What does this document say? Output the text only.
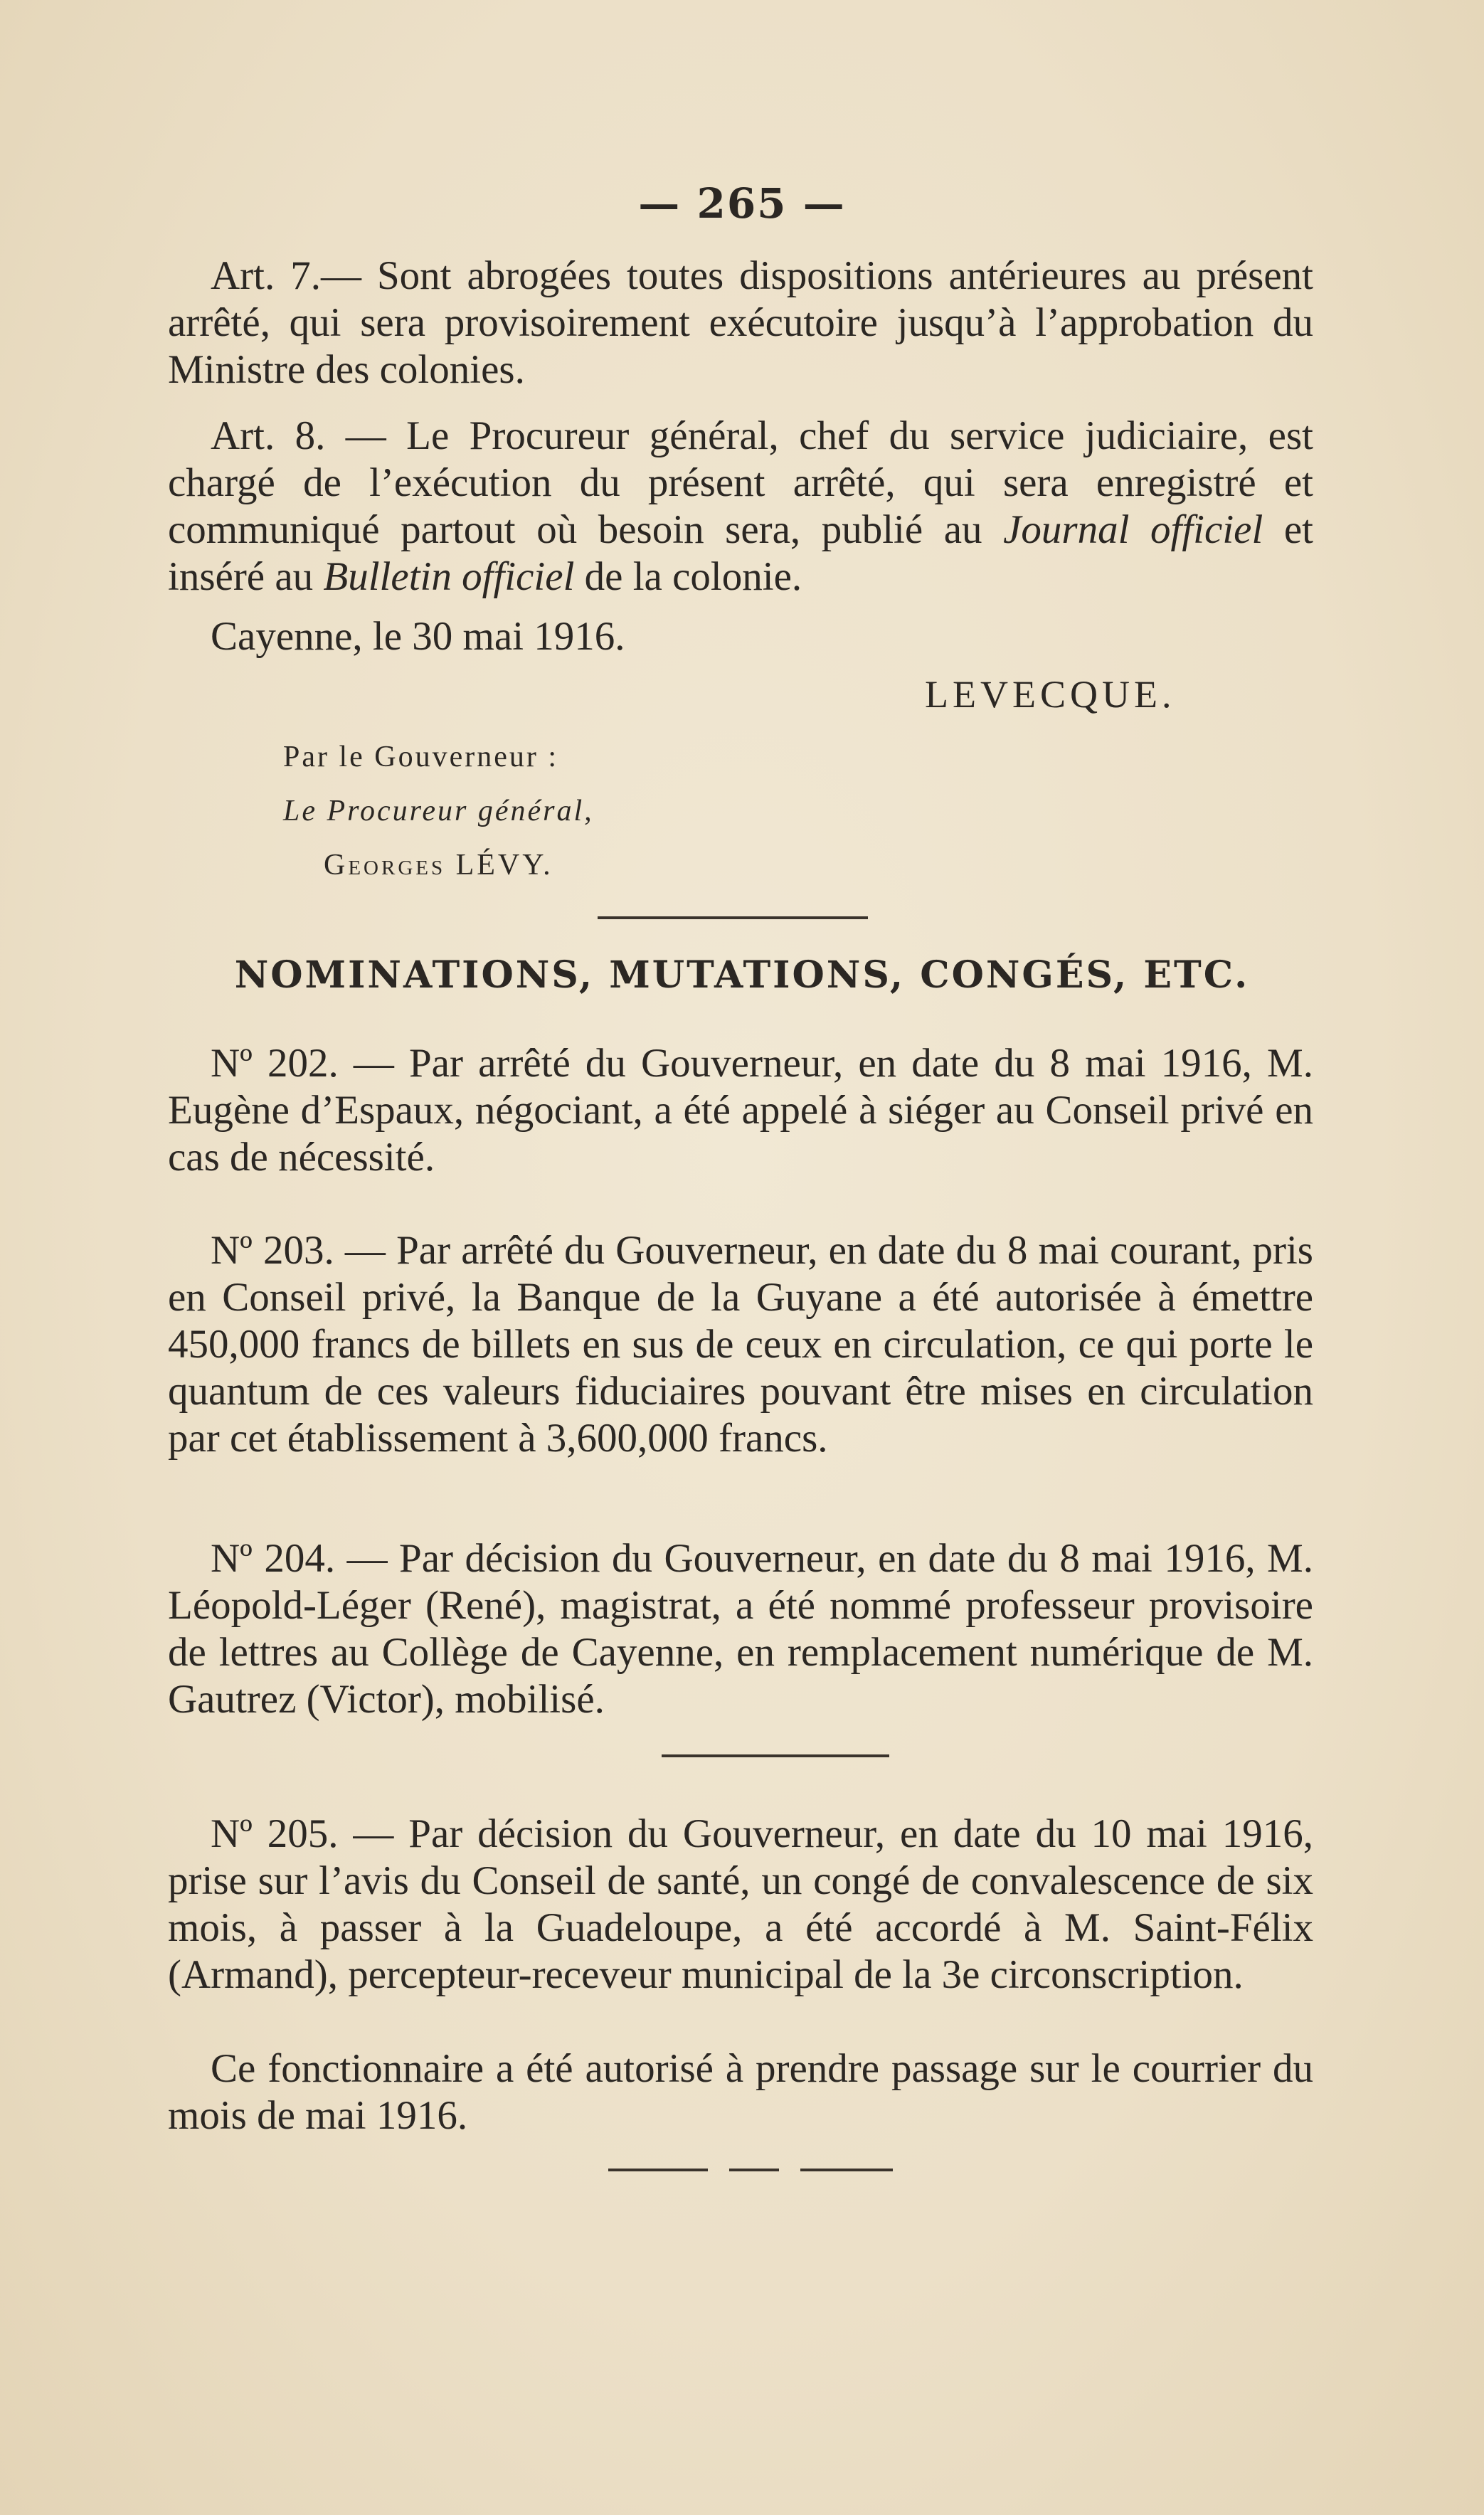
— 265 —

Art. 7.— Sont abrogées toutes dispositions antérieures au présent arrêté, qui sera provisoirement exécutoire jusqu’à l’approbation du Ministre des colonies.

Art. 8. — Le Procureur général, chef du service judiciaire, est chargé de l’exécution du présent arrêté, qui sera enregistré et communiqué partout où besoin sera, publié au Journal officiel et inséré au Bulletin officiel de la colonie.

Cayenne, le 30 mai 1916.

LEVECQUE.
Par le Gouverneur :
Le Procureur général,
Georges LÉVY.
NOMINATIONS, MUTATIONS, CONGÉS, ETC.

Nº 202. — Par arrêté du Gouverneur, en date du 8 mai 1916, M. Eugène d’Espaux, négociant, a été appelé à siéger au Conseil privé en cas de nécessité.

Nº 203. — Par arrêté du Gouverneur, en date du 8 mai courant, pris en Conseil privé, la Banque de la Guyane a été autorisée à émettre 450,000 francs de billets en sus de ceux en circulation, ce qui porte le quantum de ces valeurs fiduciaires pouvant être mises en circulation par cet établissement à 3,600,000 francs.

Nº 204. — Par décision du Gouverneur, en date du 8 mai 1916, M. Léopold-Léger (René), magistrat, a été nommé professeur provisoire de lettres au Collège de Cayenne, en remplacement numérique de M. Gautrez (Victor), mobilisé.

Nº 205. — Par décision du Gouverneur, en date du 10 mai 1916, prise sur l’avis du Conseil de santé, un congé de convalescence de six mois, à passer à la Guadeloupe, a été accordé à M. Saint-Félix (Armand), percepteur-receveur municipal de la 3e circonscription.

Ce fonctionnaire a été autorisé à prendre passage sur le courrier du mois de mai 1916.
